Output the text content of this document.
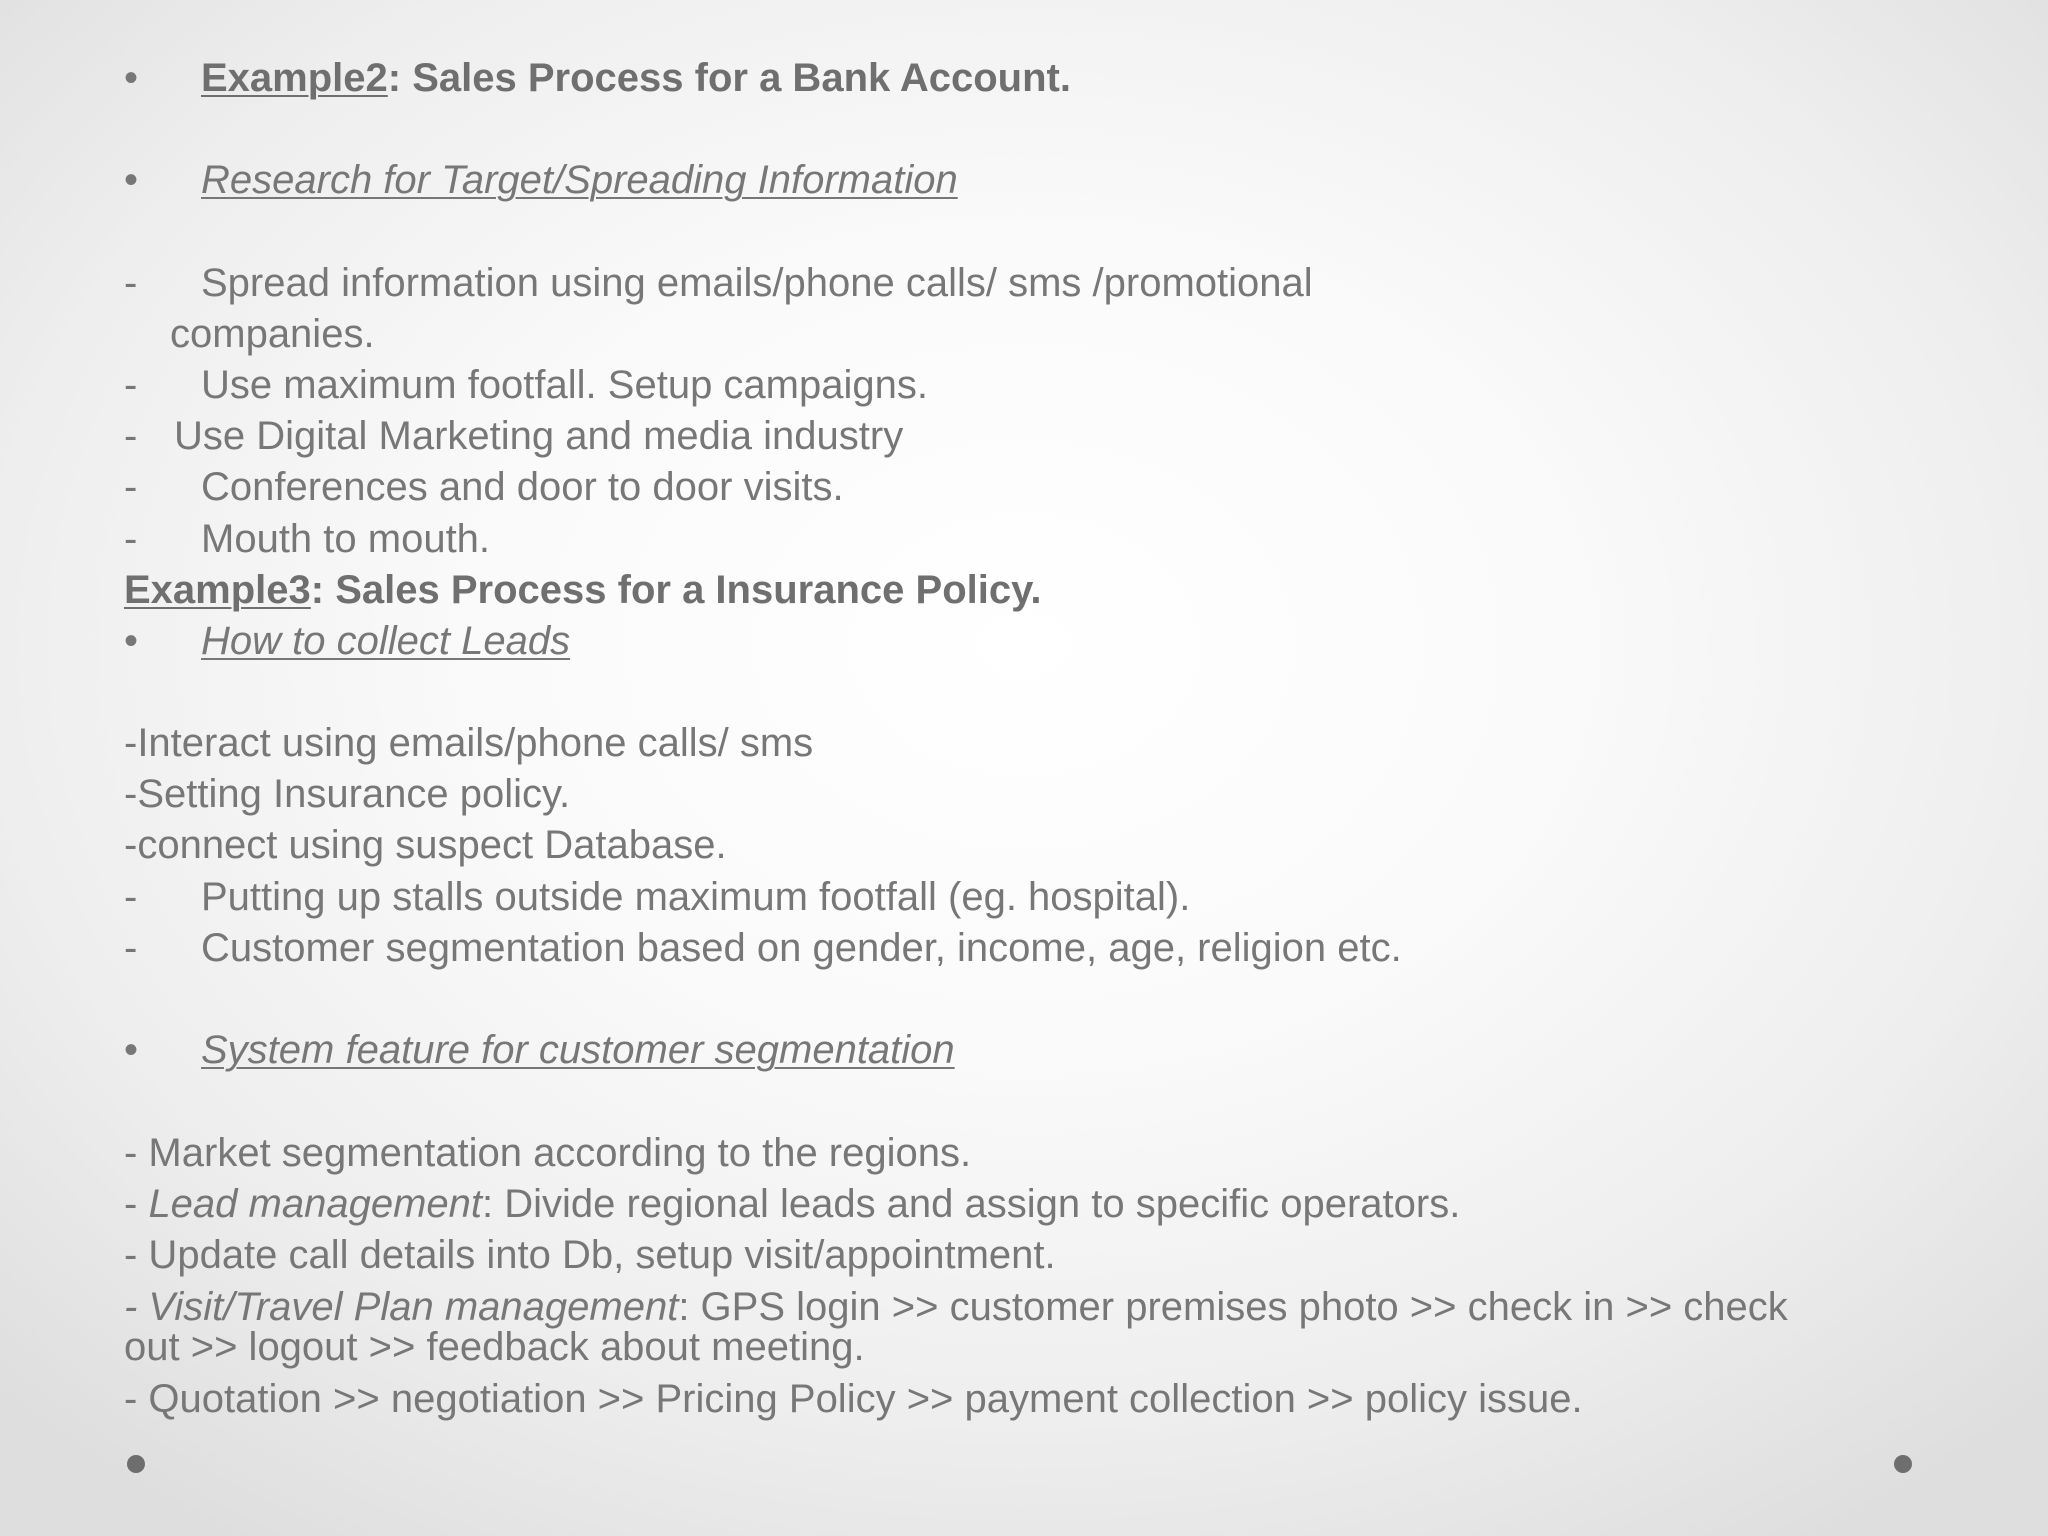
• Example2: Sales Process for a Bank Account.
• Research for Target/Spreading Information
- Spread information using emails/phone calls/ sms /promotional
companies.
- Use maximum footfall. Setup campaigns.
- Use Digital Marketing and media industry
- Conferences and door to door visits.
- Mouth to mouth.
Example3: Sales Process for a Insurance Policy.
• How to collect Leads
-Interact using emails/phone calls/ sms
-Setting Insurance policy.
-connect using suspect Database.
- Putting up stalls outside maximum footfall (eg. hospital).
- Customer segmentation based on gender, income, age, religion etc.
• System feature for customer segmentation
- Market segmentation according to the regions.
- Lead management: Divide regional leads and assign to specific operators.
- Update call details into Db, setup visit/appointment.
- Visit/Travel Plan management: GPS login >> customer premises photo >> check in >> check
out >> logout >> feedback about meeting.
- Quotation >> negotiation >> Pricing Policy >> payment collection >> policy issue.
